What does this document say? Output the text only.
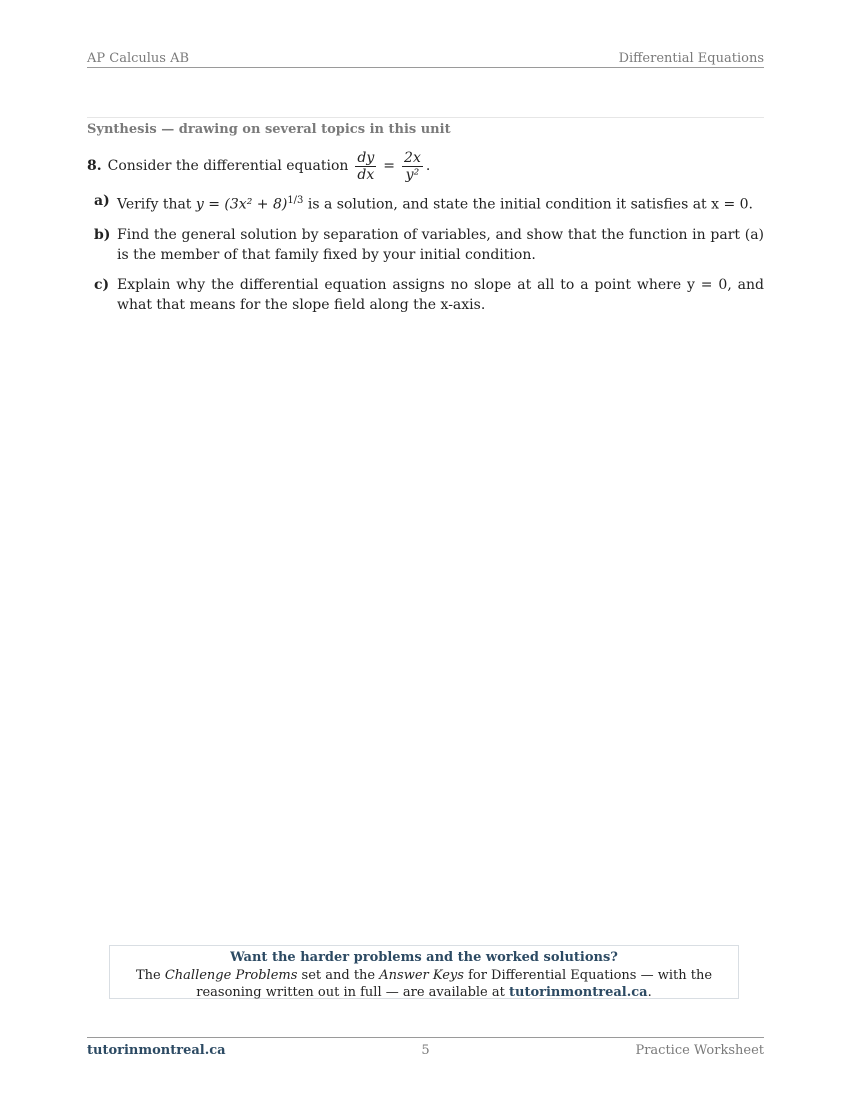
AP Calculus AB	Differential Equations
Synthesis — drawing on several topics in this unit
8. Consider the differential equation $\frac{dy}{dx} = \frac{2x}{\text{y²}}$ .
a) Verify that $y = (3x^2 + 8)^{1/3}$ is a solution, and state the initial condition it satisfies at x = 0.
b) Find the general solution by separation of variables, and show that the function in part (a) is the member of that family fixed by your initial condition.
c) Explain why the differential equation assigns no slope at all to a point where y = 0, and what that means for the slope field along the x-axis.
Want the harder problems and the worked solutions?
The Challenge Problems set and the Answer Keys for Differential Equations — with the reasoning written out in full — are available at tutorinmontreal.ca.
tutorinmontreal.ca	5	Practice Worksheet
